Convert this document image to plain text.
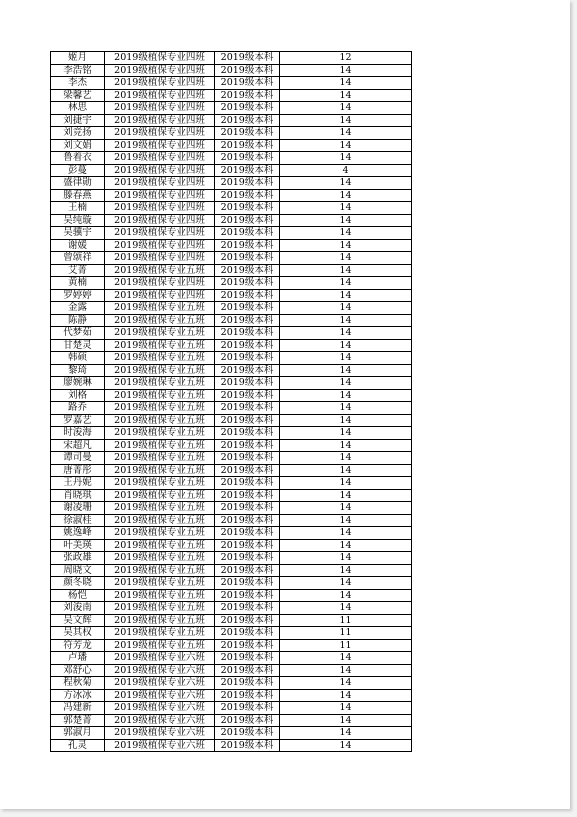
姬月	2019级植保专业四班	2019级本科	12
李浩铭	2019级植保专业四班	2019级本科	14
李杰	2019级植保专业四班	2019级本科	14
梁馨艺	2019级植保专业四班	2019级本科	14
林思	2019级植保专业四班	2019级本科	14
刘捷宇	2019级植保专业四班	2019级本科	14
刘竞扬	2019级植保专业四班	2019级本科	14
刘文娟	2019级植保专业四班	2019级本科	14
鲁着衣	2019级植保专业四班	2019级本科	14
彭蔓	2019级植保专业四班	2019级本科	4
盛律勋	2019级植保专业四班	2019级本科	14
滕春燕	2019级植保专业四班	2019级本科	14
王楠	2019级植保专业四班	2019级本科	14
吴纯璇	2019级植保专业四班	2019级本科	14
吴骥宇	2019级植保专业四班	2019级本科	14
谢媛	2019级植保专业四班	2019级本科	14
曾颂祥	2019级植保专业四班	2019级本科	14
艾菁	2019级植保专业五班	2019级本科	14
黄楠	2019级植保专业四班	2019级本科	14
罗婷婷	2019级植保专业四班	2019级本科	14
金露	2019级植保专业五班	2019级本科	14
陈静	2019级植保专业五班	2019级本科	14
代梦茹	2019级植保专业五班	2019级本科	14
甘楚灵	2019级植保专业五班	2019级本科	14
韩硕	2019级植保专业五班	2019级本科	14
黎琦	2019级植保专业五班	2019级本科	14
廖婉琳	2019级植保专业五班	2019级本科	14
刘格	2019级植保专业五班	2019级本科	14
路乔	2019级植保专业五班	2019级本科	14
罗嘉艺	2019级植保专业五班	2019级本科	14
时浚海	2019级植保专业五班	2019级本科	14
宋超凡	2019级植保专业五班	2019级本科	14
谭司曼	2019级植保专业五班	2019级本科	14
唐菁彤	2019级植保专业五班	2019级本科	14
王丹妮	2019级植保专业五班	2019级本科	14
肖晓琪	2019级植保专业五班	2019级本科	14
谢凌珊	2019级植保专业五班	2019级本科	14
徐淑桂	2019级植保专业五班	2019级本科	14
姚逸峰	2019级植保专业五班	2019级本科	14
叶美瑛	2019级植保专业五班	2019级本科	14
张政雄	2019级植保专业五班	2019级本科	14
周晓文	2019级植保专业五班	2019级本科	14
颜冬晓	2019级植保专业五班	2019级本科	14
杨恺	2019级植保专业五班	2019级本科	14
刘浚南	2019级植保专业五班	2019级本科	14
吴文辉	2019级植保专业五班	2019级本科	11
吴其权	2019级植保专业五班	2019级本科	11
符芳龙	2019级植保专业五班	2019级本科	11
卢璠	2019级植保专业六班	2019级本科	14
邓舒心	2019级植保专业六班	2019级本科	14
程秋菊	2019级植保专业六班	2019级本科	14
方冰冰	2019级植保专业六班	2019级本科	14
冯建新	2019级植保专业六班	2019级本科	14
郭楚菁	2019级植保专业六班	2019级本科	14
郭淑月	2019级植保专业六班	2019级本科	14
孔灵	2019级植保专业六班	2019级本科	14
